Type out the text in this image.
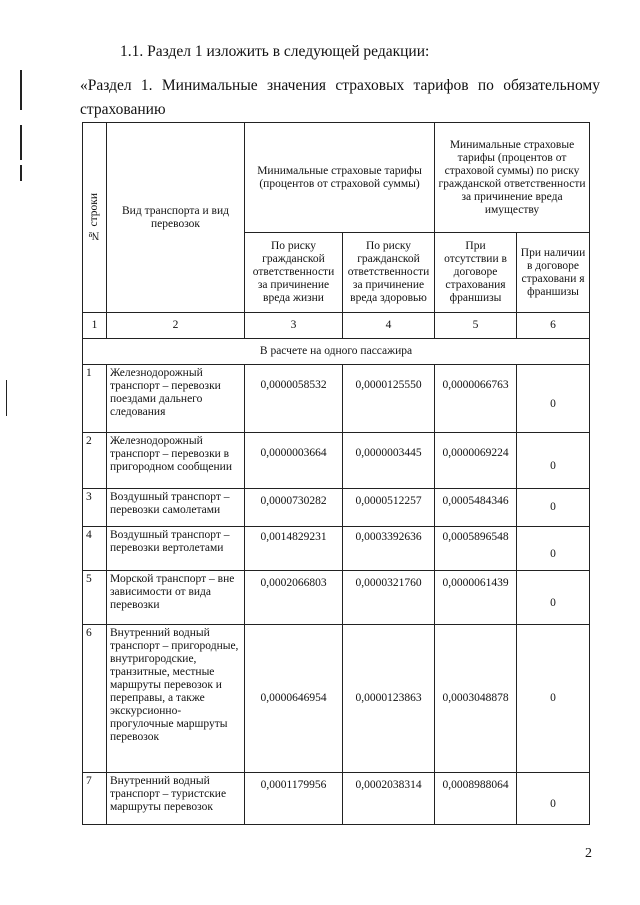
1.1. Раздел 1 изложить в следующей редакции:
«Раздел 1. Минимальные значения страховых тарифов по обязательному
страхованию
№ строки	Вид транспорта и вид перевозок	Минимальные страховые тарифы (процентов от страховой суммы)		Минимальные страховые тарифы (процентов от страховой суммы) по риску гражданской ответственности за причинение вреда имуществу	
		По риску гражданской ответственности за причинение вреда жизни	По риску гражданской ответственности за причинение вреда здоровью	При отсутствии в договоре страхования франшизы	При наличии в договоре страховани я франшизы
1	2	3	4	5	6
В расчете на одного пассажира					
1	Железнодорожный транспорт – перевозки поездами дальнего следования	0,0000058532	0,0000125550	0,0000066763	0
2	Железнодорожный транспорт – перевозки в пригородном сообщении	0,0000003664	0,0000003445	0,0000069224	0
3	Воздушный транспорт – перевозки самолетами	0,0000730282	0,0000512257	0,0005484346	0
4	Воздушный транспорт – перевозки вертолетами	0,0014829231	0,0003392636	0,0005896548	0
5	Морской транспорт – вне зависимости от вида перевозки	0,0002066803	0,0000321760	0,0000061439	0
6	Внутренний водный транспорт – пригородные, внутригородские, транзитные, местные маршруты перевозок и переправы, а также экскурсионно-прогулочные маршруты перевозок	0,0000646954	0,0000123863	0,0003048878	0
7	Внутренний водный транспорт – туристские маршруты перевозок	0,0001179956	0,0002038314	0,0008988064	0
2
